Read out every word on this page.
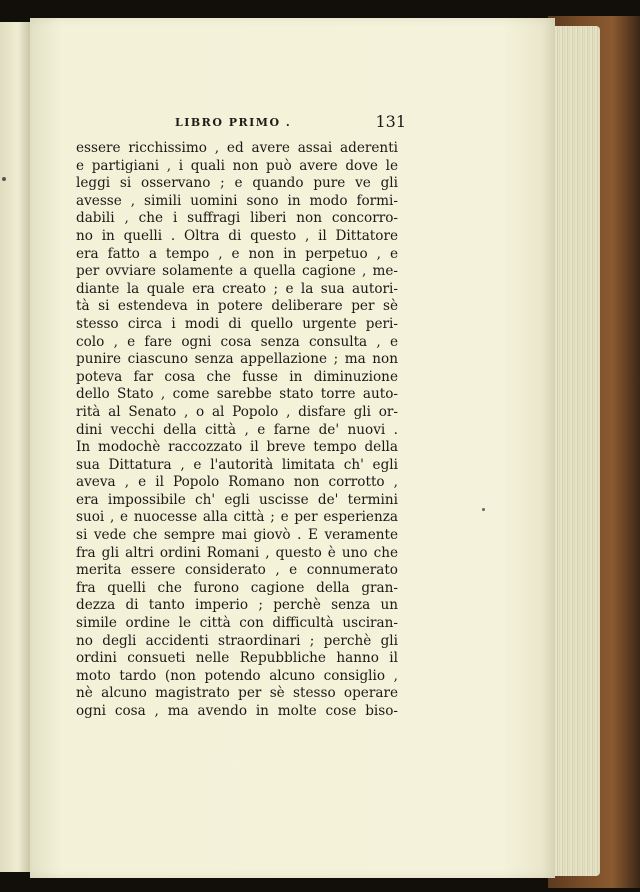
LIBRO PRIMO .	131
essere ricchissimo , ed avere assai aderenti
e partigiani , i quali non può avere dove le
leggi si osservano ; e quando pure ve gli
avesse , simili uomini sono in modo formi-
dabili , che i suffragi liberi non concorro-
no in quelli . Oltra di questo , il Dittatore
era fatto a tempo , e non in perpetuo , e
per ovviare solamente a quella cagione , me-
diante la quale era creato ; e la sua autori-
tà si estendeva in potere deliberare per sè
stesso circa i modi di quello urgente peri-
colo , e fare ogni cosa senza consulta , e
punire ciascuno senza appellazione ; ma non
poteva far cosa che fusse in diminuzione
dello Stato , come sarebbe stato torre auto-
rità al Senato , o al Popolo , disfare gli or-
dini vecchi della città , e farne de' nuovi .
In modochè raccozzato il breve tempo della
sua Dittatura , e l'autorità limitata ch' egli
aveva , e il Popolo Romano non corrotto ,
era impossibile ch' egli uscisse de' termini
suoi , e nuocesse alla città ; e per esperienza
si vede che sempre mai giovò . E veramente
fra gli altri ordini Romani , questo è uno che
merita essere considerato , e connumerato
fra quelli che furono cagione della gran-
dezza di tanto imperio ; perchè senza un
simile ordine le città con difficultà usciran-
no degli accidenti straordinari ; perchè gli
ordini consueti nelle Repubbliche hanno il
moto tardo (non potendo alcuno consiglio ,
nè alcuno magistrato per sè stesso operare
ogni cosa , ma avendo in molte cose biso-
